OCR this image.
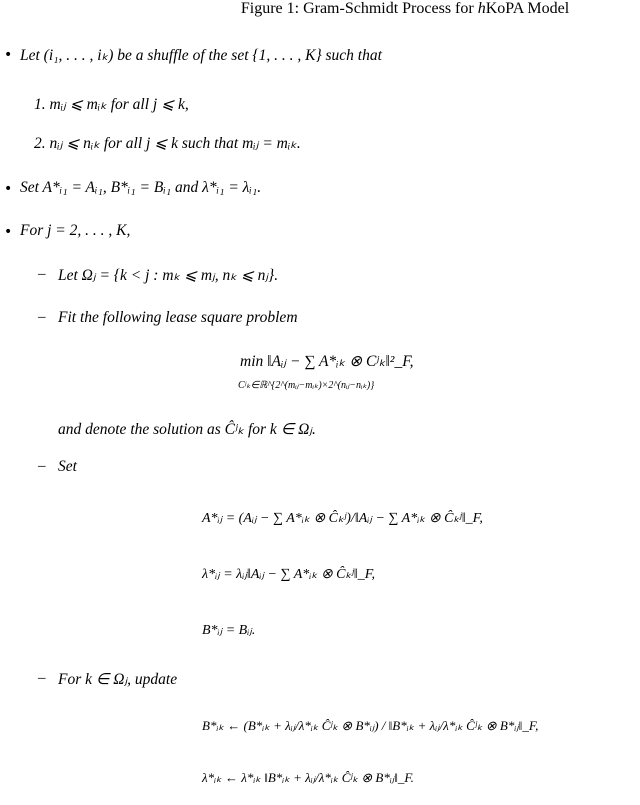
Figure 1: Gram-Schmidt Process for hKoPA Model
• Let (i₁, . . . , iₖ) be a shuffle of the set {1, . . . , K} such that
1. mᵢⱼ ⩽ mᵢₖ for all j ⩽ k,
2. nᵢⱼ ⩽ nᵢₖ for all j ⩽ k such that mᵢⱼ = mᵢₖ.
• Set A*ᵢ₁ = Aᵢ₁, B*ᵢ₁ = Bᵢ₁ and λ*ᵢ₁ = λᵢ₁.
• For j = 2, . . . , K,
– Let Ωⱼ = {k < j : mₖ ⩽ mⱼ, nₖ ⩽ nⱼ}.
– Fit the following lease square problem
min ‖Aᵢⱼ − ∑ A*ᵢₖ ⊗ Cʲₖ‖²_F,
Cʲₖ∈ℝ^{2^(mᵢⱼ−mᵢₖ)×2^(nᵢⱼ−nᵢₖ)}
and denote the solution as Ĉʲₖ for k ∈ Ωⱼ.
– Set
A*ᵢⱼ = (Aᵢⱼ − ∑ A*ᵢₖ ⊗ Ĉₖʲ)/‖Aᵢⱼ − ∑ A*ᵢₖ ⊗ Ĉₖʲ‖_F,
λ*ᵢⱼ = λᵢⱼ‖Aᵢⱼ − ∑ A*ᵢₖ ⊗ Ĉₖʲ‖_F,
B*ᵢⱼ = Bᵢⱼ.
– For k ∈ Ωⱼ, update
B*ᵢₖ ← (B*ᵢₖ + λᵢⱼ/λ*ᵢₖ Ĉʲₖ ⊗ B*ᵢⱼ) / ‖B*ᵢₖ + λᵢⱼ/λ*ᵢₖ Ĉʲₖ ⊗ B*ᵢⱼ‖_F,
λ*ᵢₖ ← λ*ᵢₖ ‖B*ᵢₖ + λᵢⱼ/λ*ᵢₖ Ĉʲₖ ⊗ B*ᵢⱼ‖_F.
